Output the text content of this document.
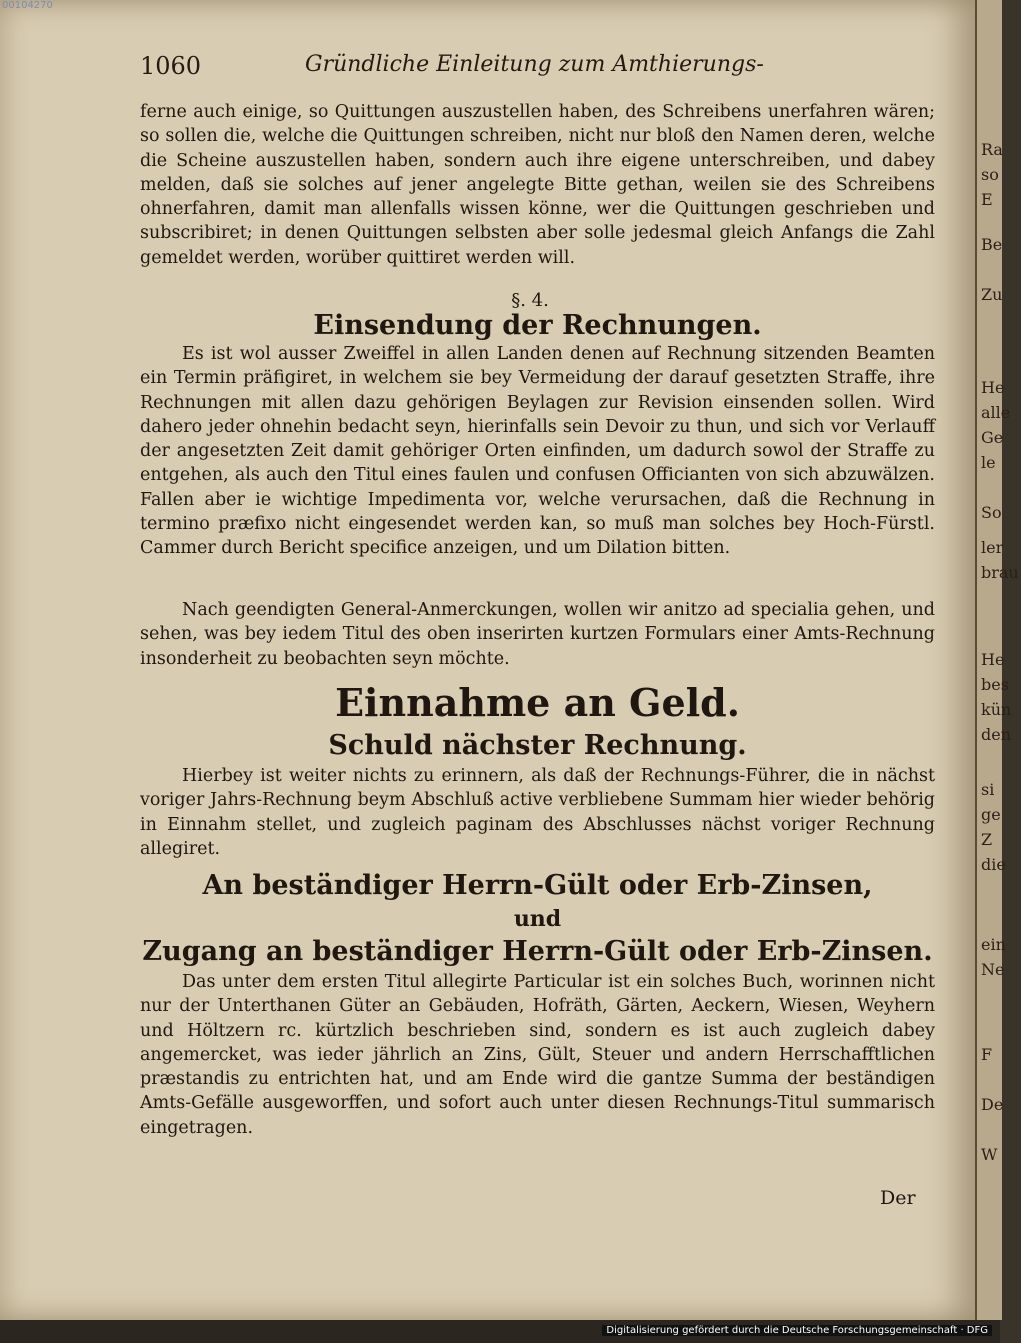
00104270
1060	Gründliche Einleitung zum Amthierungs-

ferne auch einige, so Quittungen auszustellen haben, des Schreibens unerfahren wären; so sollen die, welche die Quittungen schreiben, nicht nur bloß den Namen deren, welche die Scheine auszustellen haben, sondern auch ihre eigene unterschreiben, und dabey melden, daß sie solches auf jener angelegte Bitte gethan, weilen sie des Schreibens ohnerfahren, damit man allenfalls wissen könne, wer die Quittungen geschrieben und subscribiret; in denen Quittungen selbsten aber solle jedesmal gleich Anfangs die Zahl gemeldet werden, worüber quittiret werden will.

§. 4.
Einsendung der Rechnungen.

Es ist wol ausser Zweiffel in allen Landen denen auf Rechnung sitzenden Beamten ein Termin präfigiret, in welchem sie bey Vermeidung der darauf gesetzten Straffe, ihre Rechnungen mit allen dazu gehörigen Beylagen zur Revision einsenden sollen. Wird dahero jeder ohnehin bedacht seyn, hierinfalls sein Devoir zu thun, und sich vor Verlauff der angesetzten Zeit damit gehöriger Orten einfinden, um dadurch sowol der Straffe zu entgehen, als auch den Titul eines faulen und confusen Officianten von sich abzuwälzen. Fallen aber ie wichtige Impedimenta vor, welche verursachen, daß die Rechnung in termino præfixo nicht eingesendet werden kan, so muß man solches bey Hoch-Fürstl. Cammer durch Bericht specifice anzeigen, und um Dilation bitten.

Nach geendigten General-Anmerckungen, wollen wir anitzo ad specialia gehen, und sehen, was bey iedem Titul des oben inserirten kurtzen Formulars einer Amts-Rechnung insonderheit zu beobachten seyn möchte.

Einnahme an Geld.
Schuld nächster Rechnung.

Hierbey ist weiter nichts zu erinnern, als daß der Rechnungs-Führer, die in nächst voriger Jahrs-Rechnung beym Abschluß active verbliebene Summam hier wieder behörig in Einnahm stellet, und zugleich paginam des Abschlusses nächst voriger Rechnung allegiret.

An beständiger Herrn-Gült oder Erb-Zinsen,
und
Zugang an beständiger Herrn-Gült oder Erb-Zinsen.

Das unter dem ersten Titul allegirte Particular ist ein solches Buch, worinnen nicht nur der Unterthanen Güter an Gebäuden, Hofräth, Gärten, Aeckern, Wiesen, Weyhern und Höltzern rc. kürtzlich beschrieben sind, sondern es ist auch zugleich dabey angemercket, was ieder jährlich an Zins, Gült, Steuer und andern Herrschafftlichen præstandis zu entrichten hat, und am Ende wird die gantze Summa der beständigen Amts-Gefälle ausgeworffen, und sofort auch unter diesen Rechnungs-Titul summarisch eingetragen.

Der
Ra
so
E
Be
Zu
He
alle
Ge
le
So
ler
brau
He
bes
kün
den
si
ge
Z
die
ein
Ne
F
De
W
Digitalisierung gefördert durch die Deutsche Forschungsgemeinschaft · DFG
